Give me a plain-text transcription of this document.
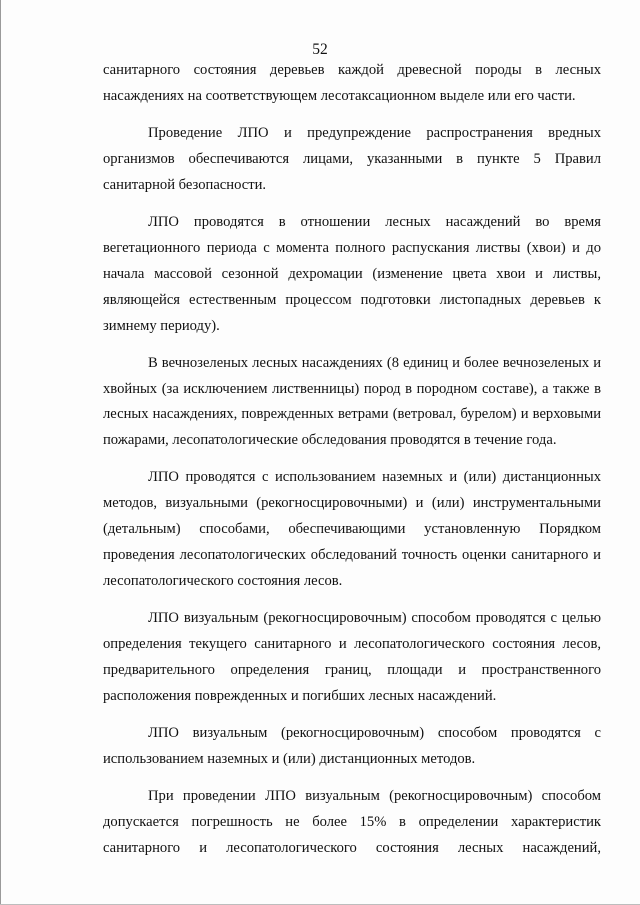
52

санитарного состояния деревьев каждой древесной породы в лесных насаждениях на соответствующем лесотаксационном выделе или его части.

Проведение ЛПО и предупреждение распространения вредных организмов обеспечиваются лицами, указанными в пункте 5 Правил санитарной безопасности.

ЛПО проводятся в отношении лесных насаждений во время вегетационного периода с момента полного распускания листвы (хвои) и до начала массовой сезонной дехромации (изменение цвета хвои и листвы, являющейся естественным процессом подготовки листопадных деревьев к зимнему периоду).

В вечнозеленых лесных насаждениях (8 единиц и более вечнозеленых и хвойных (за исключением лиственницы) пород в породном составе), а также в лесных насаждениях, поврежденных ветрами (ветровал, бурелом) и верховыми пожарами, лесопатологические обследования проводятся в течение года.

ЛПО проводятся с использованием наземных и (или) дистанционных методов, визуальными (рекогносцировочными) и (или) инструментальными (детальным) способами, обеспечивающими установленную Порядком проведения лесопатологических обследований точность оценки санитарного и лесопатологического состояния лесов.

ЛПО визуальным (рекогносцировочным) способом проводятся с целью определения текущего санитарного и лесопатологического состояния лесов, предварительного определения границ, площади и пространственного расположения поврежденных и погибших лесных насаждений.

ЛПО визуальным (рекогносцировочным) способом проводятся с использованием наземных и (или) дистанционных методов.

При проведении ЛПО визуальным (рекогносцировочным) способом допускается погрешность не более 15% в определении характеристик санитарного и лесопатологического состояния лесных насаждений,
